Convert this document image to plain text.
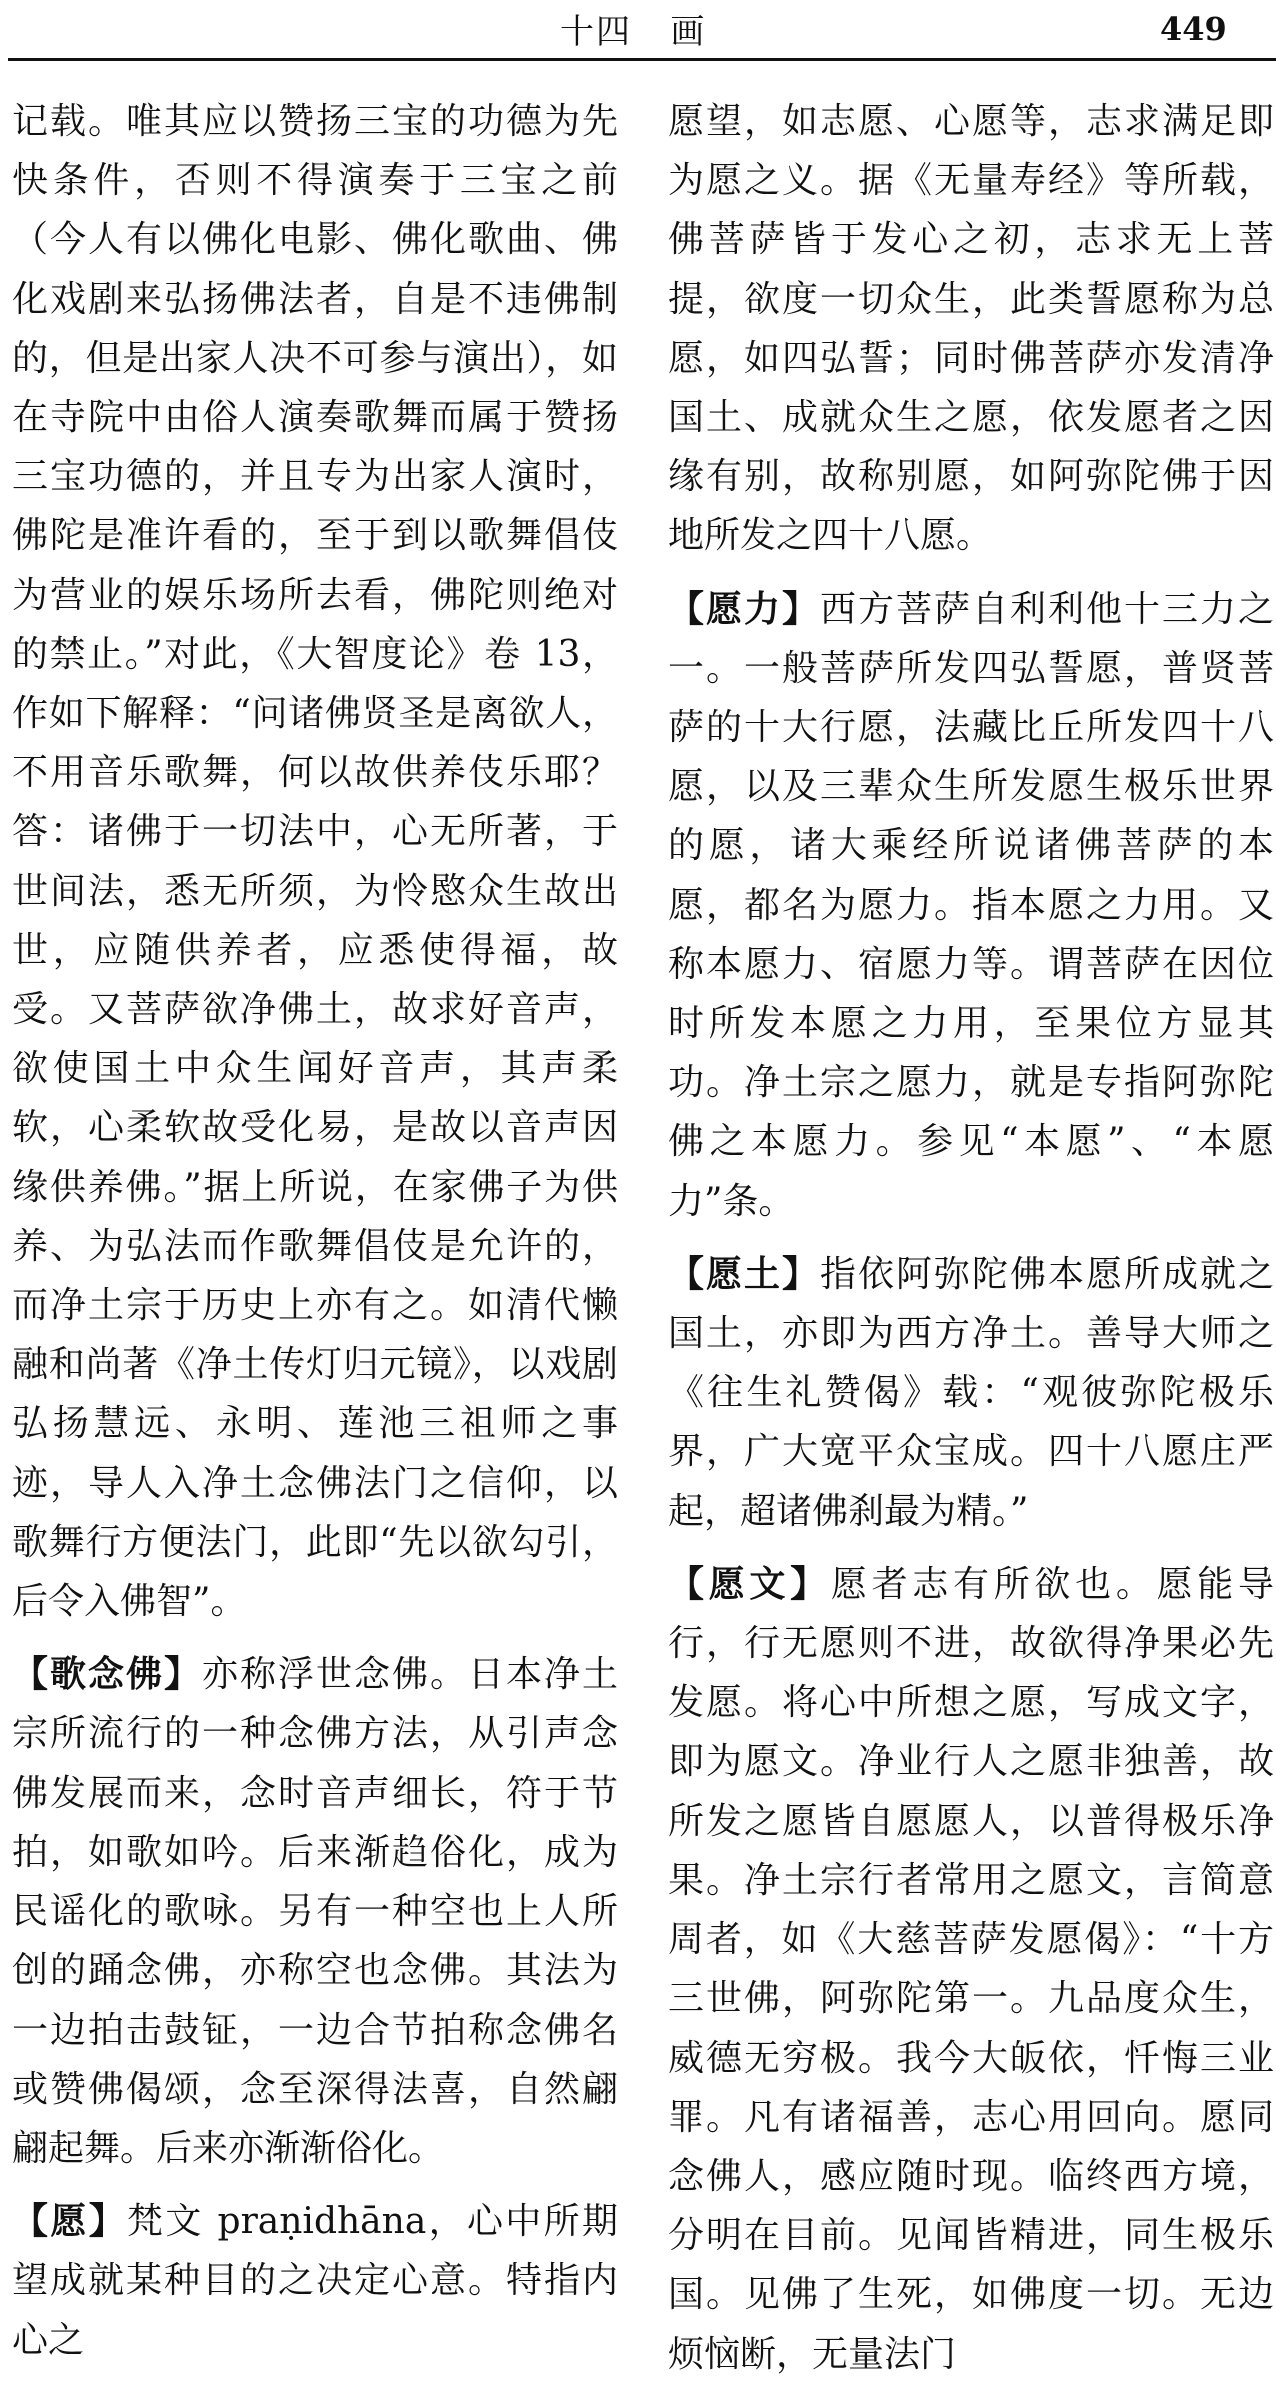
十四   画	449

记载。唯其应以赞扬三宝的功德为先快条件，否则不得演奏于三宝之前（今人有以佛化电影、佛化歌曲、佛化戏剧来弘扬佛法者，自是不违佛制的，但是出家人决不可参与演出），如在寺院中由俗人演奏歌舞而属于赞扬三宝功德的，并且专为出家人演时，佛陀是准许看的，至于到以歌舞倡伎为营业的娱乐场所去看，佛陀则绝对的禁止。”对此，《大智度论》卷 13，作如下解释：“问诸佛贤圣是离欲人，不用音乐歌舞，何以故供养伎乐耶？答：诸佛于一切法中，心无所著，于世间法，悉无所须，为怜愍众生故出世，应随供养者，应悉使得福，故受。又菩萨欲净佛土，故求好音声，欲使国土中众生闻好音声，其声柔软，心柔软故受化易，是故以音声因缘供养佛。”据上所说，在家佛子为供养、为弘法而作歌舞倡伎是允许的，而净土宗于历史上亦有之。如清代懒融和尚著《净土传灯归元镜》，以戏剧弘扬慧远、永明、莲池三祖师之事迹，导人入净土念佛法门之信仰，以歌舞行方便法门，此即“先以欲勾引，后令入佛智”。

【歌念佛】亦称浮世念佛。日本净土宗所流行的一种念佛方法，从引声念佛发展而来，念时音声细长，符于节拍，如歌如吟。后来渐趋俗化，成为民谣化的歌咏。另有一种空也上人所创的踊念佛，亦称空也念佛。其法为一边拍击鼓钲，一边合节拍称念佛名或赞佛偈颂，念至深得法喜，自然翩翩起舞。后来亦渐渐俗化。

【愿】梵文 praṇidhāna，心中所期望成就某种目的之决定心意。特指内心之

愿望，如志愿、心愿等，志求满足即为愿之义。据《无量寿经》等所载，佛菩萨皆于发心之初，志求无上菩提，欲度一切众生，此类誓愿称为总愿，如四弘誓；同时佛菩萨亦发清净国土、成就众生之愿，依发愿者之因缘有别，故称别愿，如阿弥陀佛于因地所发之四十八愿。

【愿力】西方菩萨自利利他十三力之一。一般菩萨所发四弘誓愿，普贤菩萨的十大行愿，法藏比丘所发四十八愿，以及三辈众生所发愿生极乐世界的愿，诸大乘经所说诸佛菩萨的本愿，都名为愿力。指本愿之力用。又称本愿力、宿愿力等。谓菩萨在因位时所发本愿之力用，至果位方显其功。净土宗之愿力，就是专指阿弥陀佛之本愿力。参见“本愿”、“本愿力”条。

【愿土】指依阿弥陀佛本愿所成就之国土，亦即为西方净土。善导大师之《往生礼赞偈》载：“观彼弥陀极乐界，广大宽平众宝成。四十八愿庄严起，超诸佛刹最为精。”

【愿文】愿者志有所欲也。愿能导行，行无愿则不进，故欲得净果必先发愿。将心中所想之愿，写成文字，即为愿文。净业行人之愿非独善，故所发之愿皆自愿愿人，以普得极乐净果。净土宗行者常用之愿文，言简意周者，如《大慈菩萨发愿偈》：“十方三世佛，阿弥陀第一。九品度众生，威德无穷极。我今大皈依，忏悔三业罪。凡有诸福善，志心用回向。愿同念佛人，感应随时现。临终西方境，分明在目前。见闻皆精进，同生极乐国。见佛了生死，如佛度一切。无边烦恼断，无量法门
